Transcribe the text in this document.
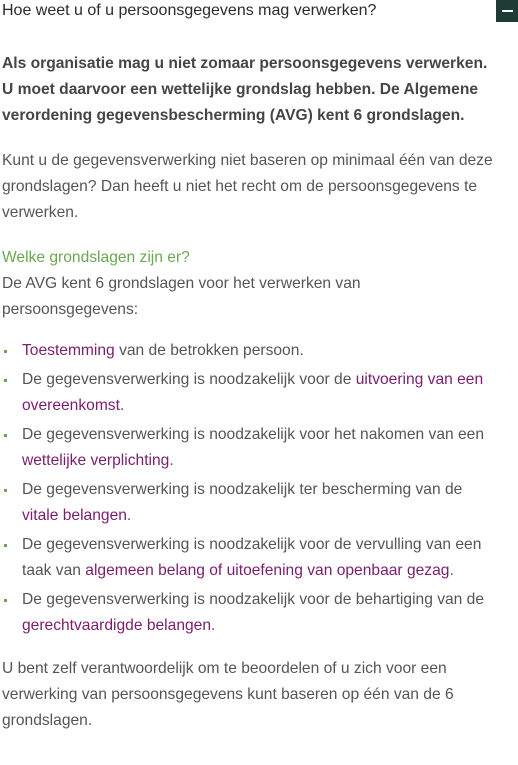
Hoe weet u of u persoonsgegevens mag verwerken?

Als organisatie mag u niet zomaar persoonsgegevens verwerken. U moet daarvoor een wettelijke grondslag hebben. De Algemene verordening gegevensbescherming (AVG) kent 6 grondslagen.

Kunt u de gegevensverwerking niet baseren op minimaal één van deze grondslagen? Dan heeft u niet het recht om de persoonsgegevens te verwerken.

Welke grondslagen zijn er?
De AVG kent 6 grondslagen voor het verwerken van persoonsgegevens:
Toestemming van de betrokken persoon.
De gegevensverwerking is noodzakelijk voor de uitvoering van een overeenkomst.
De gegevensverwerking is noodzakelijk voor het nakomen van een wettelijke verplichting.
De gegevensverwerking is noodzakelijk ter bescherming van de vitale belangen.
De gegevensverwerking is noodzakelijk voor de vervulling van een taak van algemeen belang of uitoefening van openbaar gezag.
De gegevensverwerking is noodzakelijk voor de behartiging van de gerechtvaardigde belangen.

U bent zelf verantwoordelijk om te beoordelen of u zich voor een verwerking van persoonsgegevens kunt baseren op één van de 6 grondslagen.
